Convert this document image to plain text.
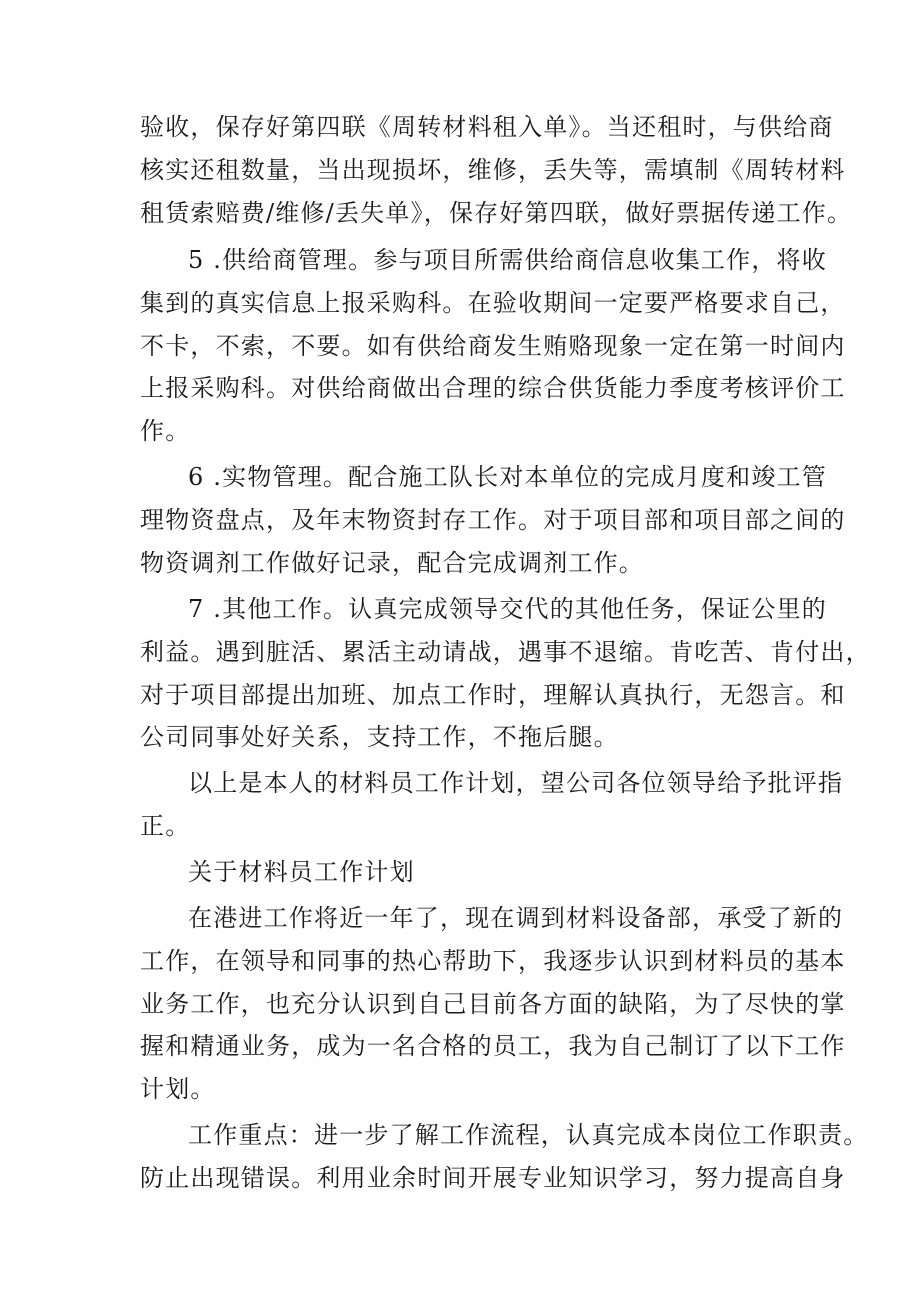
验收，保存好第四联《周转材料租入单》。当还租时，与供给商
核实还租数量，当出现损坏，维修，丢失等，需填制《周转材料
租赁索赔费/维修/丢失单》，保存好第四联，做好票据传递工作。
5 .供给商管理。参与项目所需供给商信息收集工作，将收
集到的真实信息上报采购科。在验收期间一定要严格要求自己，
不卡，不索，不要。如有供给商发生贿赂现象一定在第一时间内
上报采购科。对供给商做出合理的综合供货能力季度考核评价工
作。
6 .实物管理。配合施工队长对本单位的完成月度和竣工管
理物资盘点，及年末物资封存工作。对于项目部和项目部之间的
物资调剂工作做好记录，配合完成调剂工作。
7 .其他工作。认真完成领导交代的其他任务，保证公里的
利益。遇到脏活、累活主动请战，遇事不退缩。肯吃苦、肯付出，
对于项目部提出加班、加点工作时，理解认真执行，无怨言。和
公司同事处好关系，支持工作，不拖后腿。
以上是本人的材料员工作计划，望公司各位领导给予批评指
正。
关于材料员工作计划
在港进工作将近一年了，现在调到材料设备部，承受了新的
工作，在领导和同事的热心帮助下，我逐步认识到材料员的基本
业务工作，也充分认识到自己目前各方面的缺陷，为了尽快的掌
握和精通业务，成为一名合格的员工，我为自己制订了以下工作
计划。
工作重点：进一步了解工作流程，认真完成本岗位工作职责。
防止出现错误。利用业余时间开展专业知识学习，努力提高自身
